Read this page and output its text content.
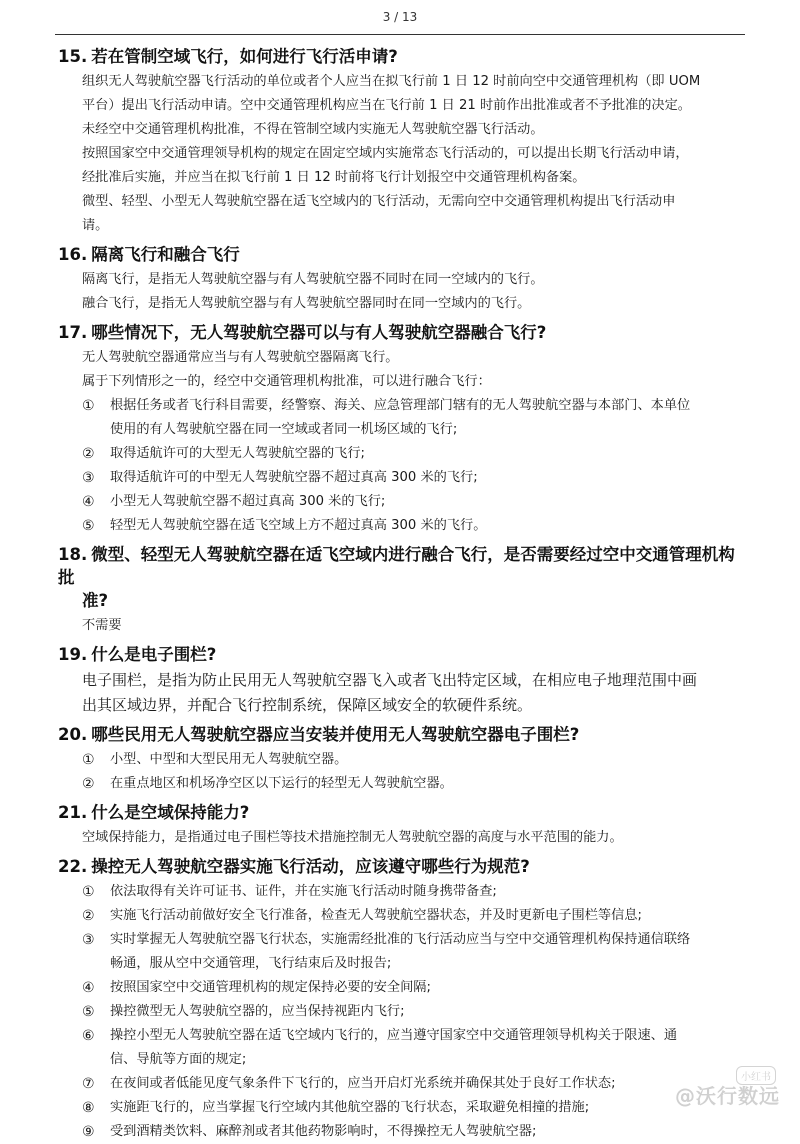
3 / 13
15. 若在管制空域飞行，如何进行飞行活申请?
组织无人驾驶航空器飞行活动的单位或者个人应当在拟飞行前 1 日 12 时前向空中交通管理机构（即 UOM
平台）提出飞行活动申请。空中交通管理机构应当在飞行前 1 日 21 时前作出批准或者不予批准的决定。
未经空中交通管理机构批准，不得在管制空域内实施无人驾驶航空器飞行活动。
按照国家空中交通管理领导机构的规定在固定空域内实施常态飞行活动的，可以提出长期飞行活动申请，
经批准后实施，并应当在拟飞行前 1 日 12 时前将飞行计划报空中交通管理机构备案。
微型、轻型、小型无人驾驶航空器在适飞空域内的飞行活动，无需向空中交通管理机构提出飞行活动申
请。
16. 隔离飞行和融合飞行
隔离飞行，是指无人驾驶航空器与有人驾驶航空器不同时在同一空域内的飞行。
融合飞行，是指无人驾驶航空器与有人驾驶航空器同时在同一空域内的飞行。
17. 哪些情况下，无人驾驶航空器可以与有人驾驶航空器融合飞行?
无人驾驶航空器通常应当与有人驾驶航空器隔离飞行。
属于下列情形之一的，经空中交通管理机构批准，可以进行融合飞行：
①	根据任务或者飞行科目需要，经警察、海关、应急管理部门辖有的无人驾驶航空器与本部门、本单位
使用的有人驾驶航空器在同一空域或者同一机场区域的飞行;
②	取得适航许可的大型无人驾驶航空器的飞行;
③	取得适航许可的中型无人驾驶航空器不超过真高 300 米的飞行;
④	小型无人驾驶航空器不超过真高 300 米的飞行;
⑤	轻型无人驾驶航空器在适飞空域上方不超过真高 300 米的飞行。
18. 微型、轻型无人驾驶航空器在适飞空域内进行融合飞行，是否需要经过空中交通管理机构批
准?
不需要
19. 什么是电子围栏?
电子围栏，是指为防止民用无人驾驶航空器飞入或者飞出特定区域，在相应电子地理范围中画
出其区域边界，并配合飞行控制系统，保障区域安全的软硬件系统。
20. 哪些民用无人驾驶航空器应当安装并使用无人驾驶航空器电子围栏?
①	小型、中型和大型民用无人驾驶航空器。
②	在重点地区和机场净空区以下运行的轻型无人驾驶航空器。
21. 什么是空域保持能力?
空域保持能力，是指通过电子围栏等技术措施控制无人驾驶航空器的高度与水平范围的能力。
22. 操控无人驾驶航空器实施飞行活动，应该遵守哪些行为规范?
①	依法取得有关许可证书、证件，并在实施飞行活动时随身携带备查;
②	实施飞行活动前做好安全飞行准备，检查无人驾驶航空器状态，并及时更新电子围栏等信息;
③	实时掌握无人驾驶航空器飞行状态，实施需经批准的飞行活动应当与空中交通管理机构保持通信联络
畅通，服从空中交通管理，飞行结束后及时报告;
④	按照国家空中交通管理机构的规定保持必要的安全间隔;
⑤	操控微型无人驾驶航空器的，应当保持视距内飞行;
⑥	操控小型无人驾驶航空器在适飞空域内飞行的，应当遵守国家空中交通管理领导机构关于限速、通
信、导航等方面的规定;
⑦	在夜间或者低能见度气象条件下飞行的，应当开启灯光系统并确保其处于良好工作状态;
⑧	实施距飞行的，应当掌握飞行空域内其他航空器的飞行状态，采取避免相撞的措施;
⑨	受到酒精类饮料、麻醉剂或者其他药物影响时，不得操控无人驾驶航空器;
小红书
@沃行数远
